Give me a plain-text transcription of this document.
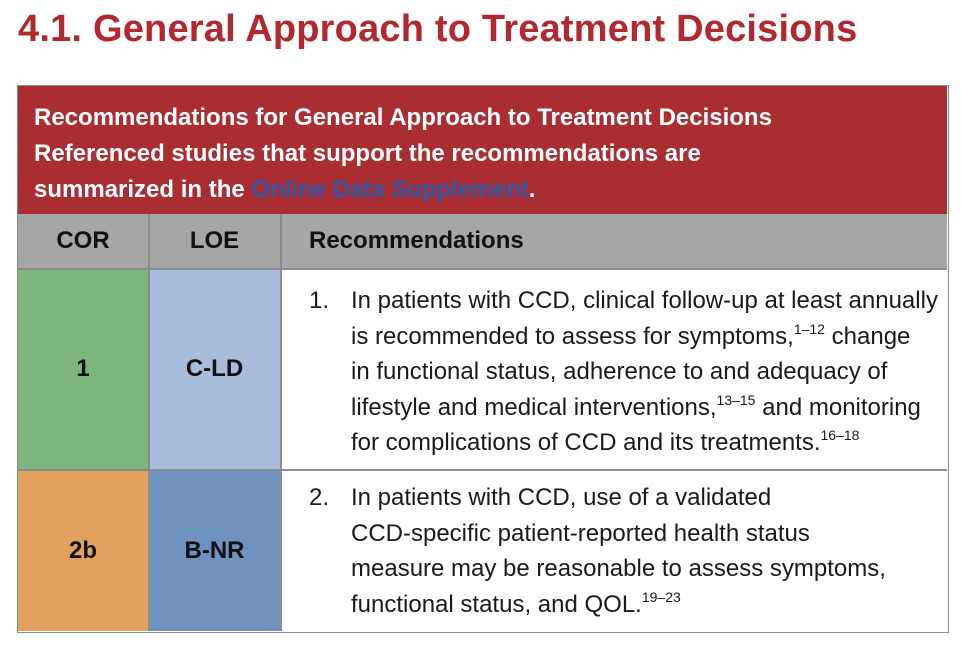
4.1. General Approach to Treatment Decisions
Recommendations for General Approach to Treatment Decisions
Referenced studies that support the recommendations are
summarized in the Online Data Supplement.
COR	LOE	Recommendations
1	C-LD
1. In patients with CCD, clinical follow-up at least annually
is recommended to assess for symptoms,$^{1-12}$ change
in functional status, adherence to and adequacy of
lifestyle and medical interventions,$^{13-15}$ and monitoring
for complications of CCD and its treatments.$^{16-18}$
2b	B-NR
2. In patients with CCD, use of a validated
CCD-specific patient-reported health status
measure may be reasonable to assess symptoms,
functional status, and QOL.$^{19-23}$
